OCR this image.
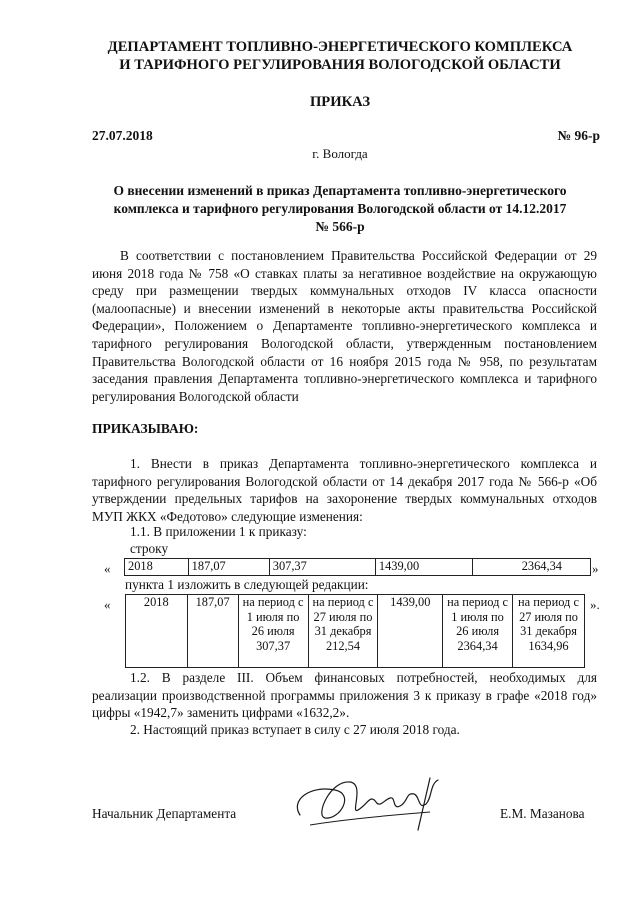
ДЕПАРТАМЕНТ ТОПЛИВНО-ЭНЕРГЕТИЧЕСКОГО КОМПЛЕКСА
И ТАРИФНОГО РЕГУЛИРОВАНИЯ ВОЛОГОДСКОЙ ОБЛАСТИ
ПРИКАЗ
27.07.2018	№ 96-р
г. Вологда
О внесении изменений в приказ Департамента топливно-энергетического комплекса и тарифного регулирования Вологодской области от 14.12.2017 № 566-р
В соответствии с постановлением Правительства Российской Федерации от 29 июня 2018 года № 758 «О ставках платы за негативное воздействие на окружающую среду при размещении твердых коммунальных отходов IV класса опасности (малоопасные) и внесении изменений в некоторые акты правительства Российской Федерации», Положением о Департаменте топливно-энергетического комплекса и тарифного регулирования Вологодской области, утвержденным постановлением Правительства Вологодской области от 16 ноября 2015 года № 958, по результатам заседания правления Департамента топливно-энергетического комплекса и тарифного регулирования Вологодской области
ПРИКАЗЫВАЮ:
1. Внести в приказ Департамента топливно-энергетического комплекса и тарифного регулирования Вологодской области от 14 декабря 2017 года № 566-р «Об утверждении предельных тарифов на захоронение твердых коммунальных отходов МУП ЖКХ «Федотово» следующие изменения:
1.1. В приложении 1 к приказу:
строку
« 2018	187,07	307,37	1439,00	2364,34 »
пункта 1 изложить в следующей редакции:
«	2018	187,07	на период с 1 июля по 26 июля 307,37	на период с 27 июля по 31 декабря 212,54	1439,00	на период с 1 июля по 26 июля 2364,34	на период с 27 июля по 31 декабря 1634,96
».
1.2. В разделе III. Объем финансовых потребностей, необходимых для реализации производственной программы приложения 3 к приказу в графе «2018 год» цифры «1942,7» заменить цифрами «1632,2».
2. Настоящий приказ вступает в силу с 27 июля 2018 года.
Начальник Департамента	Е.М. Мазанова
